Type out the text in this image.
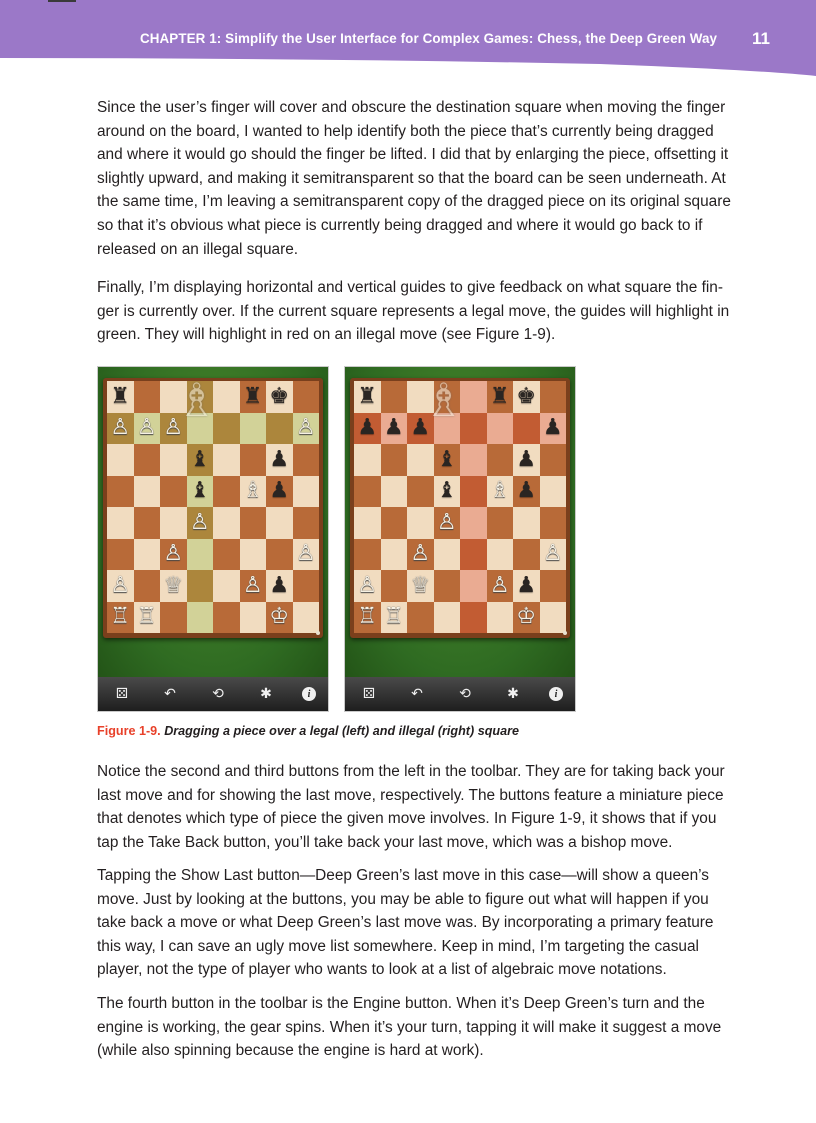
CHAPTER 1: Simplify the User Interface for Complex Games: Chess, the Deep Green Way 11

Since the user’s finger will cover and obscure the destination square when moving the finger around on the board, I wanted to help identify both the piece that’s currently being dragged and where it would go should the finger be lifted. I did that by enlarging the piece, offsetting it slightly upward, and making it semitransparent so that the board can be seen underneath. At the same time, I’m leaving a semitransparent copy of the dragged piece on its original square so that it’s obvious what piece is currently being dragged and where it would go back to if released on an illegal square.

Finally, I’m displaying horizontal and vertical guides to give feedback on what square the fin-ger is currently over. If the current square represents a legal move, the guides will highlight in green. They will highlight in red on an illegal move (see Figure 1-9).

♜	♜ ♚
♙ ♙ ♙	♙
♝	♟
♝ ♗ ♟
♙
♙	♙
♙ ♕	♙ ♟
♖ ♖	♔
♗
⚄	↶	⟲	✱	i
♜	♜ ♚
♟ ♟ ♟	♟
♝	♟
♝ ♗ ♟
♙
♙	♙
♙ ♕	♙ ♟
♖ ♖	♔
♗
⚄	↶	⟲	✱	i
Figure 1-9. Dragging a piece over a legal (left) and illegal (right) square

Notice the second and third buttons from the left in the toolbar. They are for taking back your last move and for showing the last move, respectively. The buttons feature a miniature piece that denotes which type of piece the given move involves. In Figure 1-9, it shows that if you tap the Take Back button, you’ll take back your last move, which was a bishop move.

Tapping the Show Last button—Deep Green’s last move in this case—will show a queen’s move. Just by looking at the buttons, you may be able to figure out what will happen if you take back a move or what Deep Green’s last move was. By incorporating a primary feature this way, I can save an ugly move list somewhere. Keep in mind, I’m targeting the casual player, not the type of player who wants to look at a list of algebraic move notations.

The fourth button in the toolbar is the Engine button. When it’s Deep Green’s turn and the engine is working, the gear spins. When it’s your turn, tapping it will make it suggest a move (while also spinning because the engine is hard at work).
